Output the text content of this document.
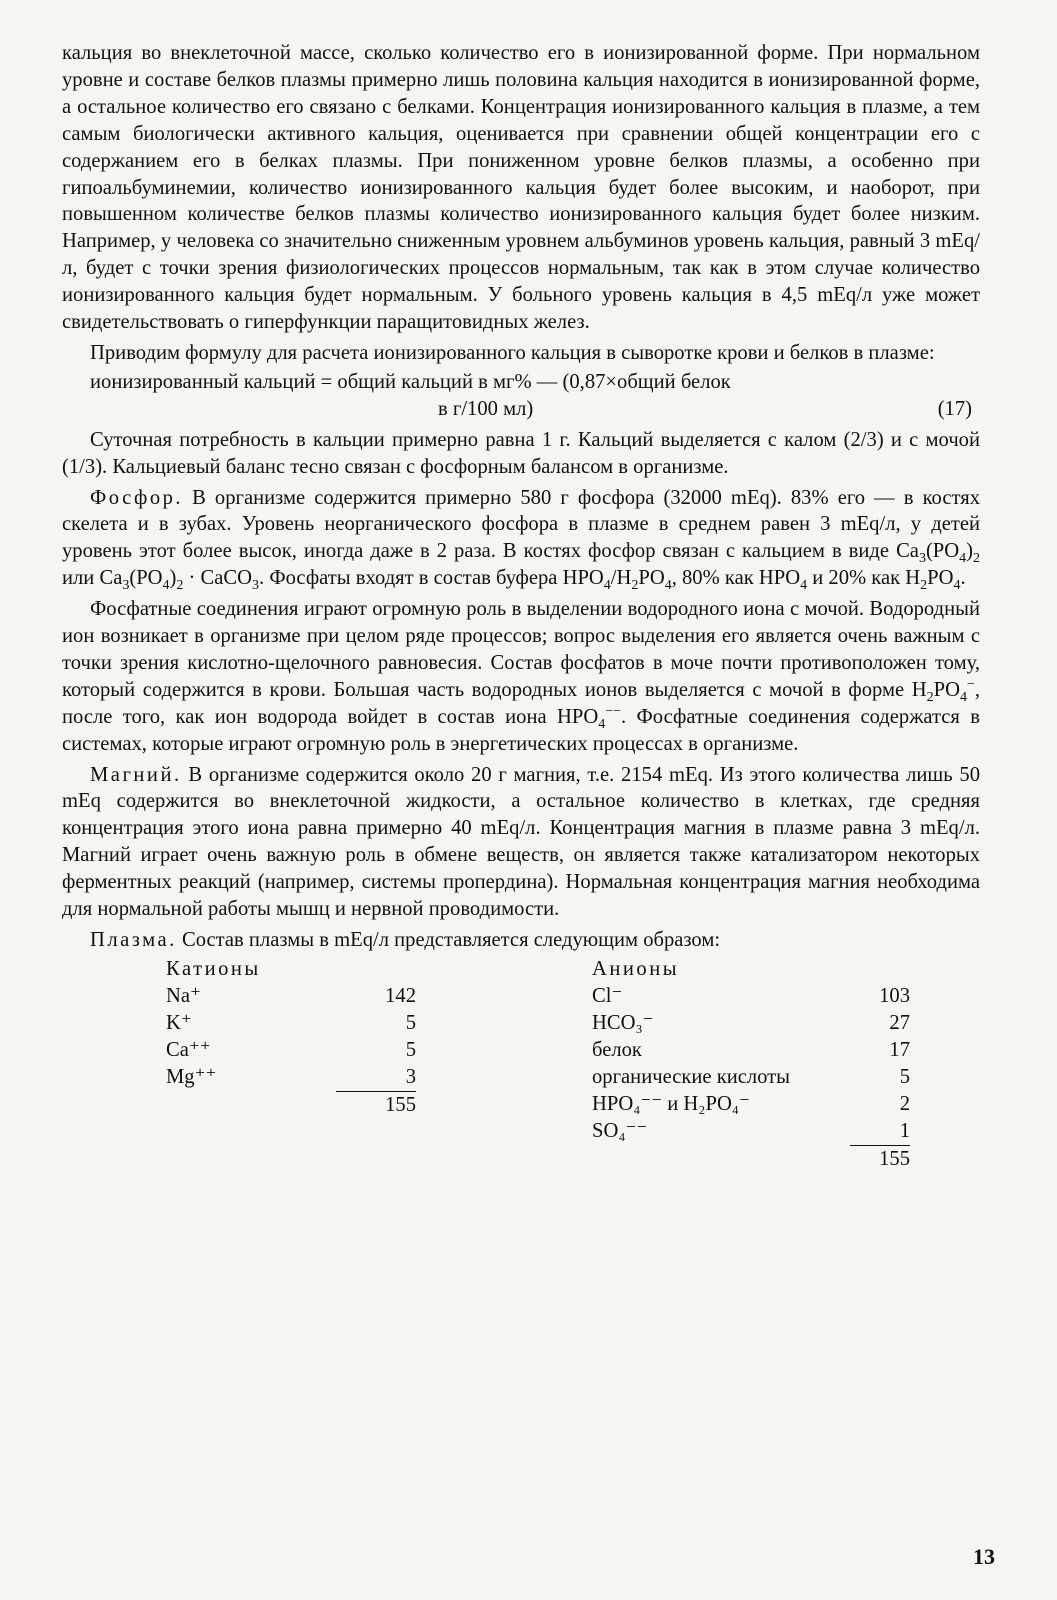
кальция во внеклеточной массе, сколько количество его в ионизированной форме. При нормальном уровне и составе белков плазмы примерно лишь половина кальция находится в ионизированной форме, а остальное количество его связано с белками. Концентрация ионизированного кальция в плазме, а тем самым биологически активного кальция, оценивается при сравнении общей концентрации его с содержанием его в белках плазмы. При пониженном уровне белков плазмы, а особенно при гипоальбуминемии, количество ионизированного кальция будет более высоким, и наоборот, при повышенном количестве белков плазмы количество ионизированного кальция будет более низким. Например, у человека со значительно сниженным уровнем альбуминов уровень кальция, равный 3 mEq/л, будет с точки зрения физиологических процессов нормальным, так как в этом случае количество ионизированного кальция будет нормальным. У больного уровень кальция в 4,5 mEq/л уже может свидетельствовать о гиперфункции паращитовидных желез.

Приводим формулу для расчета ионизированного кальция в сыворотке крови и белков в плазме:

ионизированный кальций = общий кальций в мг% — (0,87×общий белок
в г/100 мл)	(17)

Суточная потребность в кальции примерно равна 1 г. Кальций выделяется с калом (2/3) и с мочой (1/3). Кальциевый баланс тесно связан с фосфорным балансом в организме.

Фосфор. В организме содержится примерно 580 г фосфора (32000 mEq). 83% его — в костях скелета и в зубах. Уровень неорганического фосфора в плазме в среднем равен 3 mEq/л, у детей уровень этот более высок, иногда даже в 2 раза. В костях фосфор связан с кальцием в виде $Ca_3(PO_4)_2$ или $Ca_3(PO_4)_2$ · CaCO$_3$. Фосфаты входят в состав буфера $HPO_4/H_2PO_4$, 80% как $HPO_4$ и 20% как $H_2PO_4$.

Фосфатные соединения играют огромную роль в выделении водородного иона с мочой. Водородный ион возникает в организме при целом ряде процессов; вопрос выделения его является очень важным с точки зрения кислотно-щелочного равновесия. Состав фосфатов в моче почти противоположен тому, который содержится в крови. Большая часть водородных ионов выделяется с мочой в форме $H_2PO_4^-$, после того, как ион водорода войдет в состав иона $HPO_4^{--}$. Фосфатные соединения содержатся в системах, которые играют огромную роль в энергетических процессах в организме.

Магний. В организме содержится около 20 г магния, т.е. 2154 mEq. Из этого количества лишь 50 mEq содержится во внеклеточной жидкости, а остальное количество в клетках, где средняя концентрация этого иона равна примерно 40 mEq/л. Концентрация магния в плазме равна 3 mEq/л. Магний играет очень важную роль в обмене веществ, он является также катализатором некоторых ферментных реакций (например, системы пропердина). Нормальная концентрация магния необходима для нормальной работы мышц и нервной проводимости.

Плазма. Состав плазмы в mEq/л представляется следующим образом:

Катионы
Na⁺	142
K⁺	5
Ca⁺⁺	5
Mg⁺⁺	3
155
Анионы
Cl⁻	103
HCO₃⁻	27
белок	17
органические кислоты	5
HPO₄⁻⁻ и H₂PO₄⁻	2
SO₄⁻⁻	1
155
13
